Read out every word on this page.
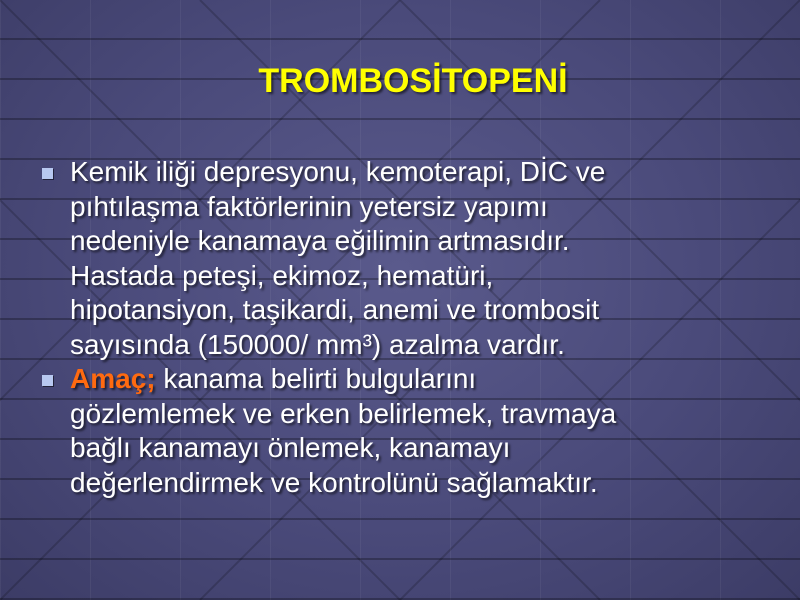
TROMBOSİTOPENİ
Kemik iliği depresyonu, kemoterapi, DİC ve
pıhtılaşma faktörlerinin yetersiz yapımı
nedeniyle kanamaya eğilimin artmasıdır.
Hastada peteşi, ekimoz, hematüri,
hipotansiyon, taşikardi, anemi ve trombosit
sayısında (150000/ mm³) azalma vardır.
Amaç; kanama belirti bulgularını
gözlemlemek ve erken belirlemek, travmaya
bağlı kanamayı önlemek, kanamayı
değerlendirmek ve kontrolünü sağlamaktır.
